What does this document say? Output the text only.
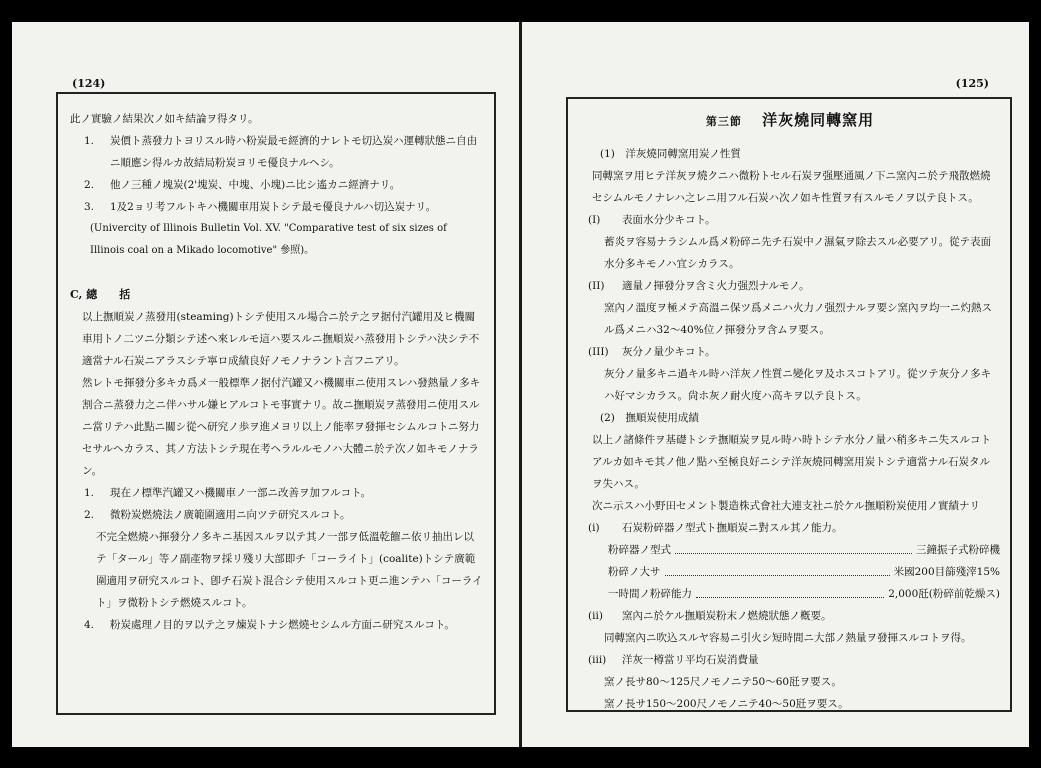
(124)

此ノ實驗ノ結果次ノ如キ結論ヲ得タリ。

1.	炭價ト蒸發力トヨリスル時ハ粉炭最モ經濟的ナレトモ切込炭ハ運轉狀態ニ自由ニ順應シ得ルカ故結局粉炭ヨリモ優良ナルヘシ。
2.	他ノ三種ノ塊炭(2'塊炭、中塊、小塊)ニ比シ遙カニ經濟ナリ。
3.	1及2ョリ考フルトキハ機關車用炭トシテ最モ優良ナルハ切込炭ナリ。
(Univercity of Illinois Bulletin Vol. XV. "Comparative test of six sizes of Illinois coal on a Mikado locomotive" 參照)。
C, 總　　括

以上撫順炭ノ蒸發用(steaming)トシテ使用スル場合ニ於テ之ヲ据付汽罐用及ヒ機關車用トノ二ツニ分類シテ述ヘ來レルモ這ハ要スルニ撫順炭ハ蒸發用トシテハ決シテ不適當ナル石炭ニアラスシテ寧ロ成績良好ノモノナラント言フニアリ。

然レトモ揮發分多キカ爲メ一般標準ノ据付汽罐又ハ機關車ニ使用スレハ發熱量ノ多キ割合ニ蒸發力之ニ伴ハサル嫌ヒアルコトモ事實ナリ。故ニ撫順炭ヲ蒸發用ニ使用スルニ當リテハ此點ニ關シ從ヘ研究ノ歩ヲ進メヨリ以上ノ能率ヲ發揮セシムルコトニ努力セサルヘカラス、其ノ方法トシテ現在考ヘラルルモノハ大體ニ於テ次ノ如キモノナラン。

1.	現在ノ標準汽罐又ハ機關車ノ一部ニ改善ヲ加フルコト。
2.	微粉炭燃燒法ノ廣範圍適用ニ向ツテ研究スルコト。

不完全燃燒ハ揮發分ノ多キニ基因スルヲ以テ其ノ一部ヲ低溫乾餾ニ依リ抽出レ以テ「タール」等ノ副產物ヲ採リ殘リ大部即チ「コーライト」(coalite)トシテ廣範圍適用ヲ研究スルコト、卽チ石炭ト混合シテ使用スルコト更ニ進ンテハ「コーライト」ヲ微粉トシテ燃燒スルコト。

4.	粉炭處理ノ目的ヲ以テ之ヲ煉炭トナシ燃燒セシムル方面ニ研究スルコト。
(125)
第三節 洋灰燒同轉窯用
(1)　洋灰燒同轉窯用炭ノ性質

同轉窯ヲ用ヒテ洋灰ヲ燒クニハ微粉トセル石炭ヲ强壓通風ノ下ニ窯內ニ於テ飛散燃燒セシムルモノナレハ之レニ用フル石炭ハ次ノ如キ性質ヲ有スルモノヲ以テ良トス。

(I)	表面水分少キコト。

蓄炎ヲ容易ナラシムル爲メ粉碎ニ先チ石炭中ノ濕氣ヲ除去スル必要アリ。從テ表面水分多キモノハ宜シカラス。

(II)	適量ノ揮發分ヲ含ミ火力强烈ナルモノ。

窯內ノ溫度ヲ極メテ高溫ニ保ツ爲メニハ火力ノ强烈ナルヲ要シ窯內ヲ均一ニ灼熱スル爲メニハ32～40%位ノ揮發分ヲ含ムヲ要ス。

(III)	灰分ノ量少キコト。

灰分ノ量多キニ過キル時ハ洋灰ノ性質ニ變化ヲ及ホスコトアリ。從ツテ灰分ノ多キハ好マシカラス。尙ホ灰ノ耐火度ハ高キヲ以テ良トス。

(2)　撫順炭使用成績

以上ノ諸條件ヲ基礎トシテ撫順炭ヲ見ル時ハ時トシテ水分ノ量ハ稍多キニ失スルコトアルカ如キモ其ノ他ノ點ハ至極良好ニシテ洋灰燒同轉窯用炭トシテ適當ナル石炭タルヲ失ハス。

次ニ示スハ小野田セメント製造株式會社大連支社ニ於ケル撫順粉炭使用ノ實績ナリ

(i)	石炭粉碎器ノ型式ト撫順炭ニ對スル其ノ能力。
粉碎器ノ型式	三鐘振子式粉碎機
粉碎ノ大サ	米國200目篩殘滓15%
一時間ノ粉碎能力	2,000瓩(粉碎前乾燥ス)
(ii)	窯內ニ於ケル撫順炭粉末ノ燃燒狀態ノ槪要。

同轉窯內ニ吹込スルヤ容易ニ引火シ短時間ニ大部ノ熱量ヲ發揮スルコトヲ得。

(iii)	洋灰一樽當リ平均石炭消費量

窯ノ長サ80～125尺ノモノニテ50～60瓩ヲ要ス。

窯ノ長サ150～200尺ノモノニテ40～50瓩ヲ要ス。
